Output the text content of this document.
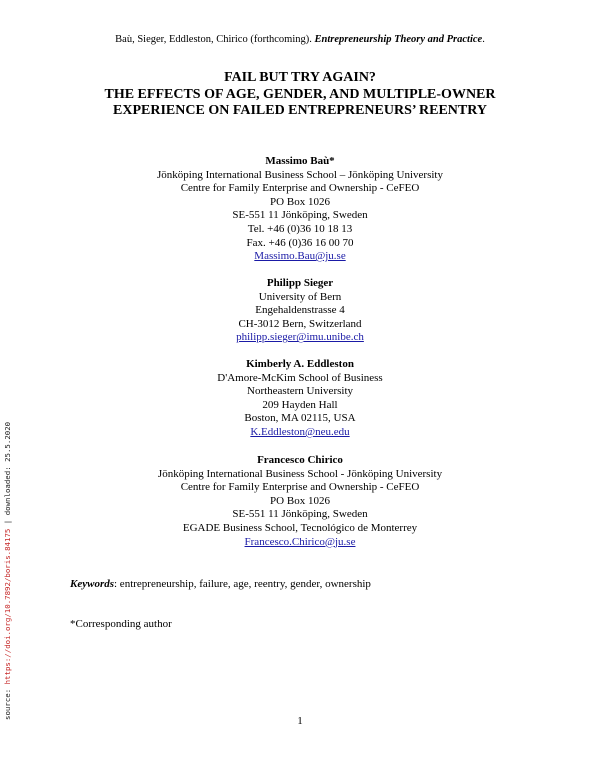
Baù, Sieger, Eddleston, Chirico (forthcoming). Entrepreneurship Theory and Practice.
FAIL BUT TRY AGAIN?
THE EFFECTS OF AGE, GENDER, AND MULTIPLE-OWNER
EXPERIENCE ON FAILED ENTREPRENEURS’ REENTRY
Massimo Baù*
Jönköping International Business School – Jönköping University
Centre for Family Enterprise and Ownership - CeFEO
PO Box 1026
SE-551 11 Jönköping, Sweden
Tel. +46 (0)36 10 18 13
Fax. +46 (0)36 16 00 70
Massimo.Bau@ju.se
Philipp Sieger
University of Bern
Engehaldenstrasse 4
CH-3012 Bern, Switzerland
philipp.sieger@imu.unibe.ch
Kimberly A. Eddleston
D'Amore-McKim School of Business
Northeastern University
209 Hayden Hall
Boston, MA 02115, USA
K.Eddleston@neu.edu
Francesco Chirico
Jönköping International Business School - Jönköping University
Centre for Family Enterprise and Ownership - CeFEO
PO Box 1026
SE-551 11 Jönköping, Sweden
EGADE Business School, Tecnológico de Monterrey
Francesco.Chirico@ju.se
Keywords: entrepreneurship, failure, age, reentry, gender, ownership
*Corresponding author
1
source: https://doi.org/10.7892/boris.84175 | downloaded: 25.5.2020
